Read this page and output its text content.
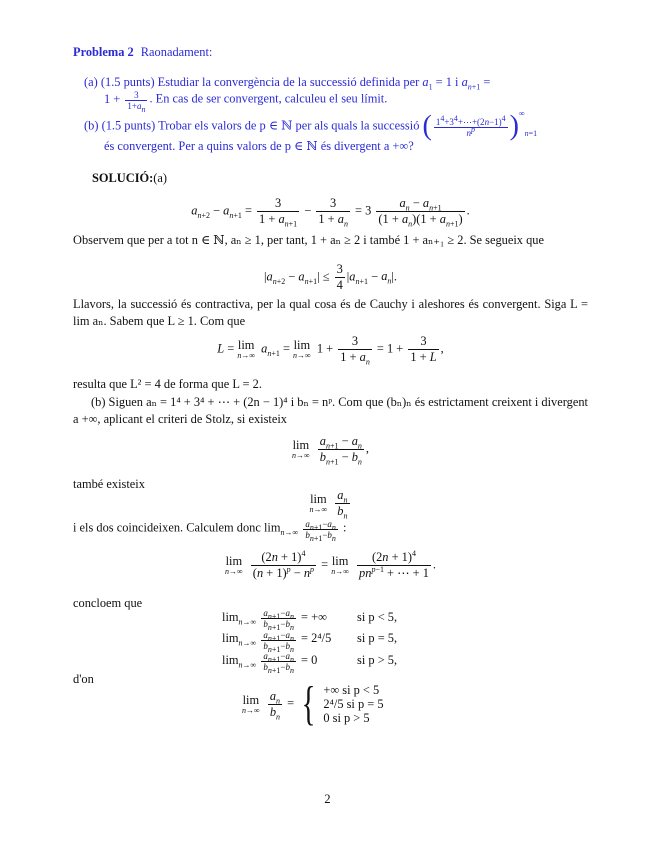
Problema 2 Raonadament:
(a) (1.5 punts) Estudiar la convergència de la successió definida per $a_1 = 1$ i $a_{n+1}$ =
$1 + \frac{3}{1+a_n}$ . En cas de ser convergent, calculeu el seu límit.
(b) (1.5 punts) Trobar els valors de p ∈ ℕ per als quals la successió ( $\frac{1^4+3^4+\cdots+(2n-1)^4}{n^p} )^\infty_{n=1}$
és convergent. Per a quins valors de p ∈ ℕ és divergent a +∞?
SOLUCIÓ:(a)
$a_{n+2} - a_{n+1} = \frac{3}{1 + a_{n+1}} - \frac{3}{1 + a_n} = 3 \frac{a_n - a_{n+1}}{(1 + a_n)(1 + a_{n+1})}$ .
Observem que per a tot n ∈ ℕ, aₙ ≥ 1, per tant, 1 + aₙ ≥ 2 i també 1 + aₙ₊₁ ≥ 2. Se segueix que
$|a_{n+2} - a_{n+1}| \le \frac{3}{4} |a_{n+1} - a_n|$.
Llavors, la successió és contractiva, per la qual cosa és de Cauchy i aleshores és convergent. Siga L = lim aₙ. Sabem que L ≥ 1. Com que
L = lim
n→∞
$a_{n+1} = \lim$
n→∞
$1 + \frac{3}{1 + a_n} = 1 + \frac{3}{1 + L}$ ,
resulta que L² = 4 de forma que L = 2.
(b) Siguen aₙ = 1⁴ + 3⁴ + ⋯ + (2n − 1)⁴ i bₙ = nᵖ. Com que (bₙ)ₙ és estrictament creixent i divergent a +∞, aplicant el criteri de Stolz, si existeix
lim
n→∞
$\frac{a_{n+1} - a_n}{b_{n+1} - b_n}$ ,
també existeix
lim
n→∞
$\frac{a_n}{b_n}$
i els dos coincideixen. Calculem donc $\lim_{n\to\infty} \frac{a_{n+1}-a_n}{b_{n+1}-b_n}$ :
lim
n→∞
$\frac{(2n + 1)^4}{(n + 1)^p - n^p} = \lim$
n→∞
$\frac{(2n + 1)^4}{pn^{p-1} + \cdots + 1}$ .
concloem que
$\lim_{n\to\infty} \frac{a_{n+1}-a_n}{b_{n+1}-b_n}$ = +∞ si p < 5,
$\lim_{n\to\infty} \frac{a_{n+1}-a_n}{b_{n+1}-b_n} = 2^4/5$ si p = 5,
$\lim_{n\to\infty} \frac{a_{n+1}-a_n}{b_{n+1}-b_n} = 0$	si p > 5,
d'on
lim
n→∞
$\frac{a_n}{b_n}$ = { +∞ si p < 5
2⁴/5 si p = 5
0 si p > 5
2
